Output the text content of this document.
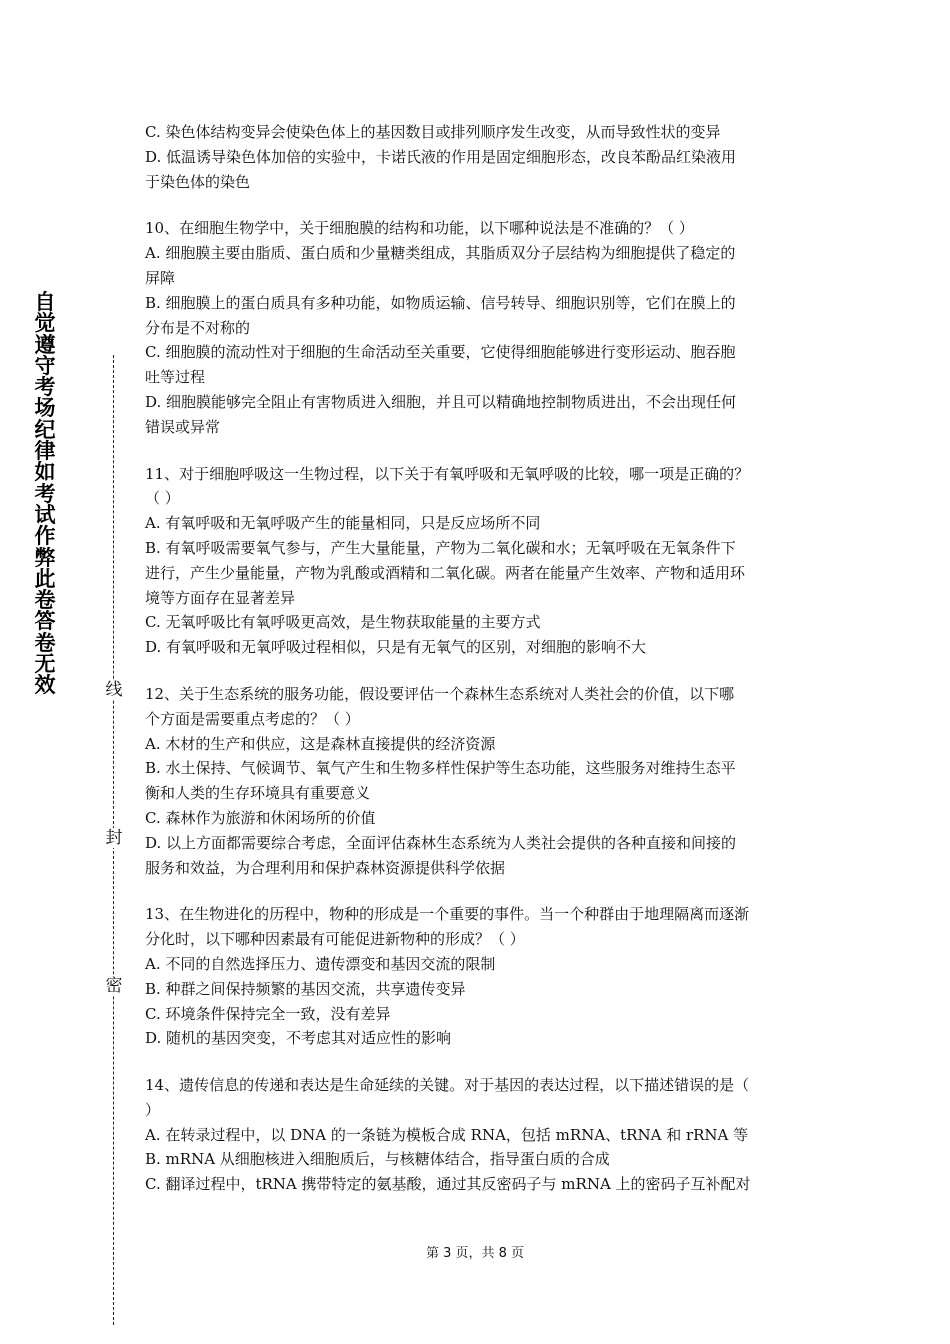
自觉遵守考场纪律如考试作弊此卷答卷无效	线
封
密

C. 染色体结构变异会使染色体上的基因数目或排列顺序发生改变，从而导致性状的变异

D. 低温诱导染色体加倍的实验中，卡诺氏液的作用是固定细胞形态，改良苯酚品红染液用

于染色体的染色

10、在细胞生物学中，关于细胞膜的结构和功能，以下哪种说法是不准确的？（ ）

A. 细胞膜主要由脂质、蛋白质和少量糖类组成，其脂质双分子层结构为细胞提供了稳定的

屏障

B. 细胞膜上的蛋白质具有多种功能，如物质运输、信号转导、细胞识别等，它们在膜上的

分布是不对称的

C. 细胞膜的流动性对于细胞的生命活动至关重要，它使得细胞能够进行变形运动、胞吞胞

吐等过程

D. 细胞膜能够完全阻止有害物质进入细胞，并且可以精确地控制物质进出，不会出现任何

错误或异常

11、对于细胞呼吸这一生物过程，以下关于有氧呼吸和无氧呼吸的比较，哪一项是正确的？

（ ）

A. 有氧呼吸和无氧呼吸产生的能量相同，只是反应场所不同

B. 有氧呼吸需要氧气参与，产生大量能量，产物为二氧化碳和水；无氧呼吸在无氧条件下

进行，产生少量能量，产物为乳酸或酒精和二氧化碳。两者在能量产生效率、产物和适用环

境等方面存在显著差异

C. 无氧呼吸比有氧呼吸更高效，是生物获取能量的主要方式

D. 有氧呼吸和无氧呼吸过程相似，只是有无氧气的区别，对细胞的影响不大

12、关于生态系统的服务功能，假设要评估一个森林生态系统对人类社会的价值，以下哪

个方面是需要重点考虑的？（ ）

A. 木材的生产和供应，这是森林直接提供的经济资源

B. 水土保持、气候调节、氧气产生和生物多样性保护等生态功能，这些服务对维持生态平

衡和人类的生存环境具有重要意义

C. 森林作为旅游和休闲场所的价值

D. 以上方面都需要综合考虑，全面评估森林生态系统为人类社会提供的各种直接和间接的

服务和效益，为合理利用和保护森林资源提供科学依据

13、在生物进化的历程中，物种的形成是一个重要的事件。当一个种群由于地理隔离而逐渐

分化时，以下哪种因素最有可能促进新物种的形成？（ ）

A. 不同的自然选择压力、遗传漂变和基因交流的限制

B. 种群之间保持频繁的基因交流，共享遗传变异

C. 环境条件保持完全一致，没有差异

D. 随机的基因突变，不考虑其对适应性的影响

14、遗传信息的传递和表达是生命延续的关键。对于基因的表达过程，以下描述错误的是（

）

A. 在转录过程中，以 DNA 的一条链为模板合成 RNA，包括 mRNA、tRNA 和 rRNA 等

B. mRNA 从细胞核进入细胞质后，与核糖体结合，指导蛋白质的合成

C. 翻译过程中，tRNA 携带特定的氨基酸，通过其反密码子与 mRNA 上的密码子互补配对

第 3 页，共 8 页
